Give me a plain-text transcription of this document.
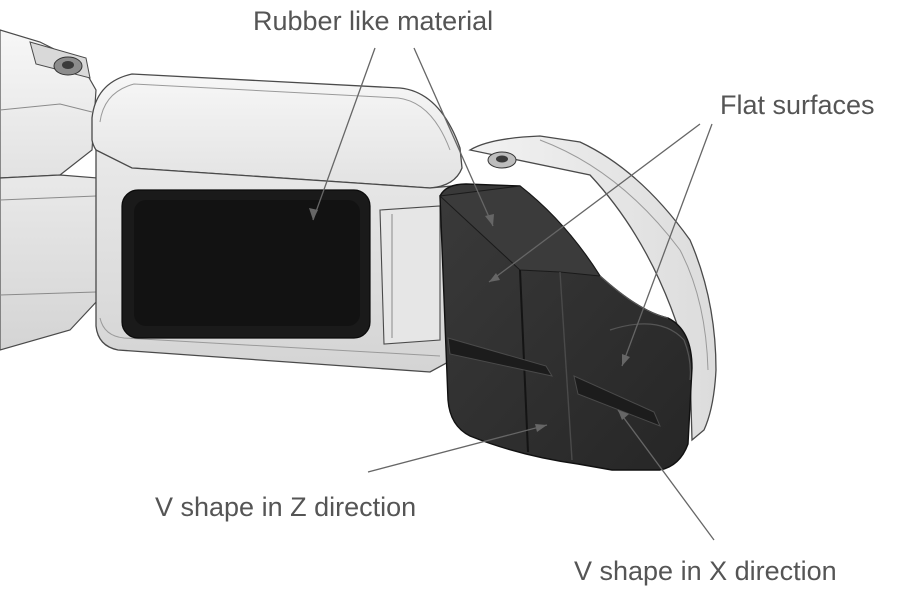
Rubber like material
Flat surfaces
V shape in Z direction
V shape in X direction
